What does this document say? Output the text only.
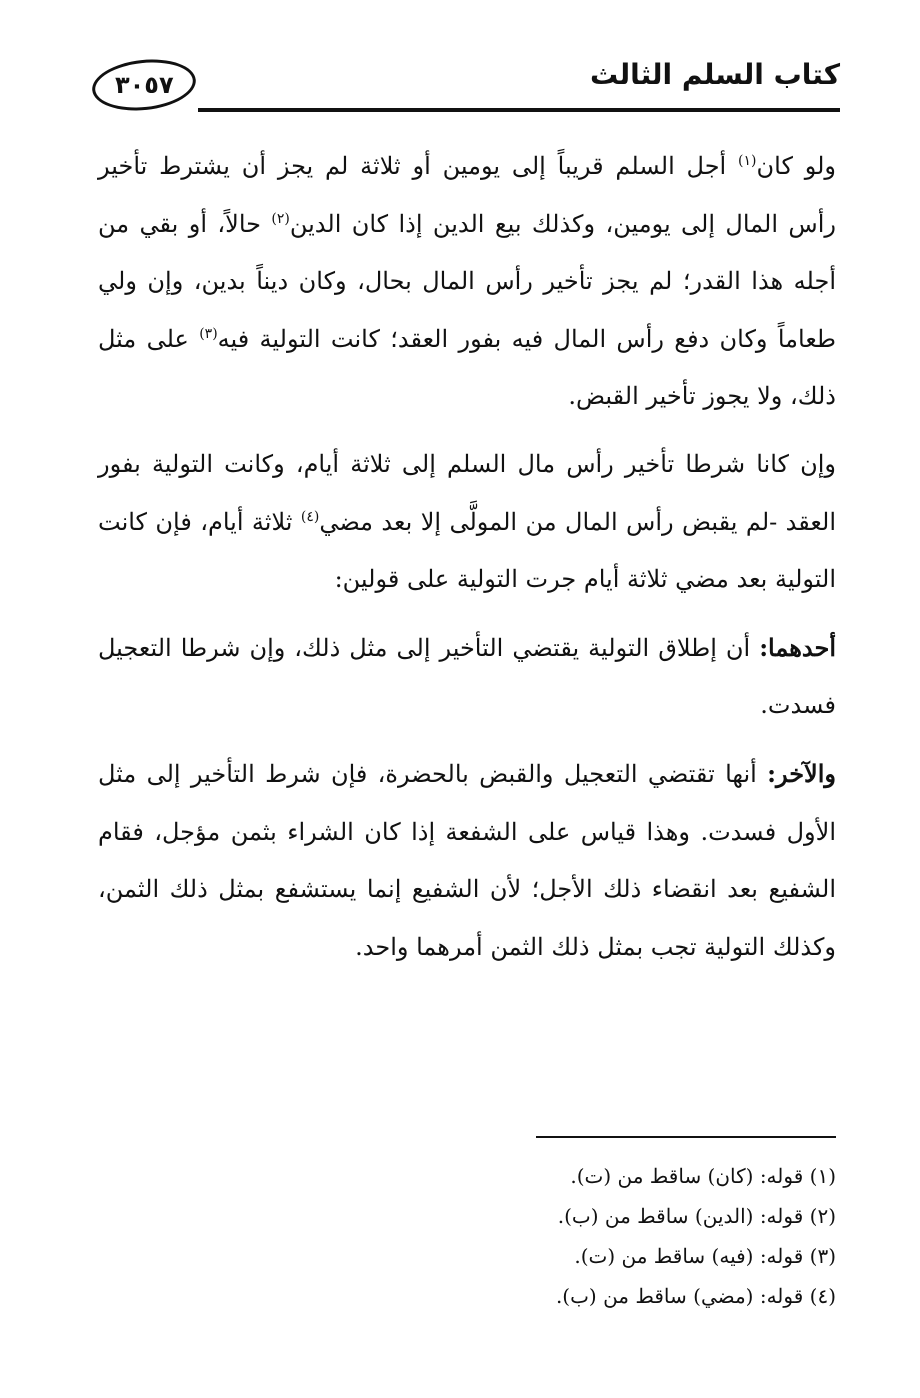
٣٠٥٧	كتاب السلم الثالث

ولو كان$^{(١)}$ أجل السلم قريباً إلى يومين أو ثلاثة لم يجز أن يشترط تأخير رأس المال إلى يومين، وكذلك بيع الدين إذا كان الدين$^{(٢)}$ حالاً، أو بقي من أجله هذا القدر؛ لم يجز تأخير رأس المال بحال، وكان ديناً بدين، وإن ولي طعاماً وكان دفع رأس المال فيه بفور العقد؛ كانت التولية فيه$^{(٣)}$ على مثل ذلك، ولا يجوز تأخير القبض.

وإن كانا شرطا تأخير رأس مال السلم إلى ثلاثة أيام، وكانت التولية بفور العقد -لم يقبض رأس المال من المولَّى إلا بعد مضي$^{(٤)}$ ثلاثة أيام، فإن كانت التولية بعد مضي ثلاثة أيام جرت التولية على قولين:

أحدهما: أن إطلاق التولية يقتضي التأخير إلى مثل ذلك، وإن شرطا التعجيل فسدت.

والآخر: أنها تقتضي التعجيل والقبض بالحضرة، فإن شرط التأخير إلى مثل الأول فسدت. وهذا قياس على الشفعة إذا كان الشراء بثمن مؤجل، فقام الشفيع بعد انقضاء ذلك الأجل؛ لأن الشفيع إنما يستشفع بمثل ذلك الثمن، وكذلك التولية تجب بمثل ذلك الثمن أمرهما واحد.

(١) قوله: (كان) ساقط من (ت).

(٢) قوله: (الدين) ساقط من (ب).

(٣) قوله: (فيه) ساقط من (ت).

(٤) قوله: (مضي) ساقط من (ب).
